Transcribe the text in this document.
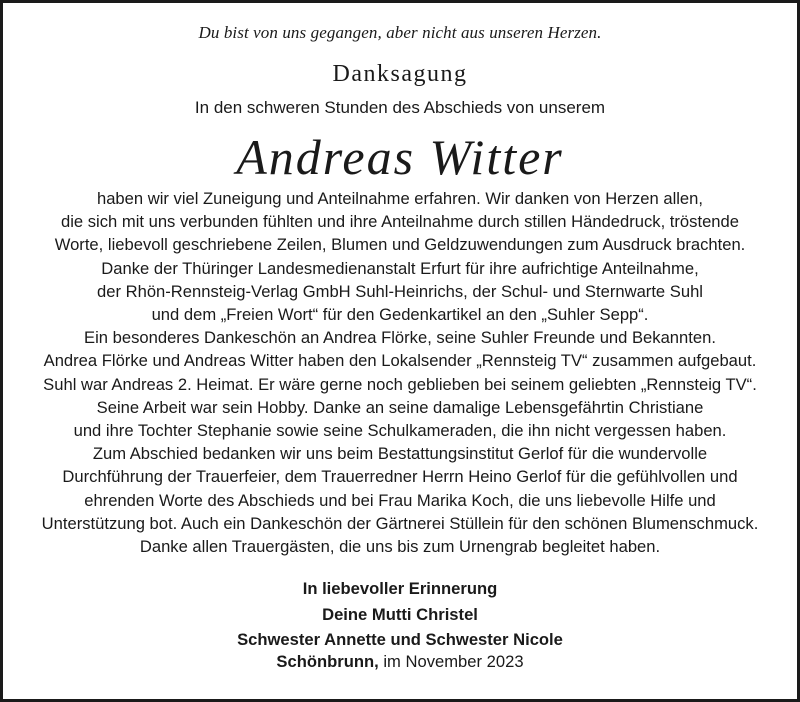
Du bist von uns gegangen, aber nicht aus unseren Herzen.
Danksagung
In den schweren Stunden des Abschieds von unserem
Andreas Witter
haben wir viel Zuneigung und Anteilnahme erfahren. Wir danken von Herzen allen,
die sich mit uns verbunden fühlten und ihre Anteilnahme durch stillen Händedruck, tröstende
Worte, liebevoll geschriebene Zeilen, Blumen und Geldzuwendungen zum Ausdruck brachten.
Danke der Thüringer Landesmedienanstalt Erfurt für ihre aufrichtige Anteilnahme,
der Rhön-Rennsteig-Verlag GmbH Suhl-Heinrichs, der Schul- und Sternwarte Suhl
und dem „Freien Wort“ für den Gedenkartikel an den „Suhler Sepp“.
Ein besonderes Dankeschön an Andrea Flörke, seine Suhler Freunde und Bekannten.
Andrea Flörke und Andreas Witter haben den Lokalsender „Rennsteig TV“ zusammen aufgebaut.
Suhl war Andreas 2. Heimat. Er wäre gerne noch geblieben bei seinem geliebten „Rennsteig TV“.
Seine Arbeit war sein Hobby. Danke an seine damalige Lebensgefährtin Christiane
und ihre Tochter Stephanie sowie seine Schulkameraden, die ihn nicht vergessen haben.
Zum Abschied bedanken wir uns beim Bestattungsinstitut Gerlof für die wundervolle
Durchführung der Trauerfeier, dem Trauerredner Herrn Heino Gerlof für die gefühlvollen und
ehrenden Worte des Abschieds und bei Frau Marika Koch, die uns liebevolle Hilfe und
Unterstützung bot. Auch ein Dankeschön der Gärtnerei Stüllein für den schönen Blumenschmuck.
Danke allen Trauergästen, die uns bis zum Urnengrab begleitet haben.
In liebevoller Erinnerung
Deine Mutti Christel
Schwester Annette und Schwester Nicole
Schönbrunn, im November 2023
